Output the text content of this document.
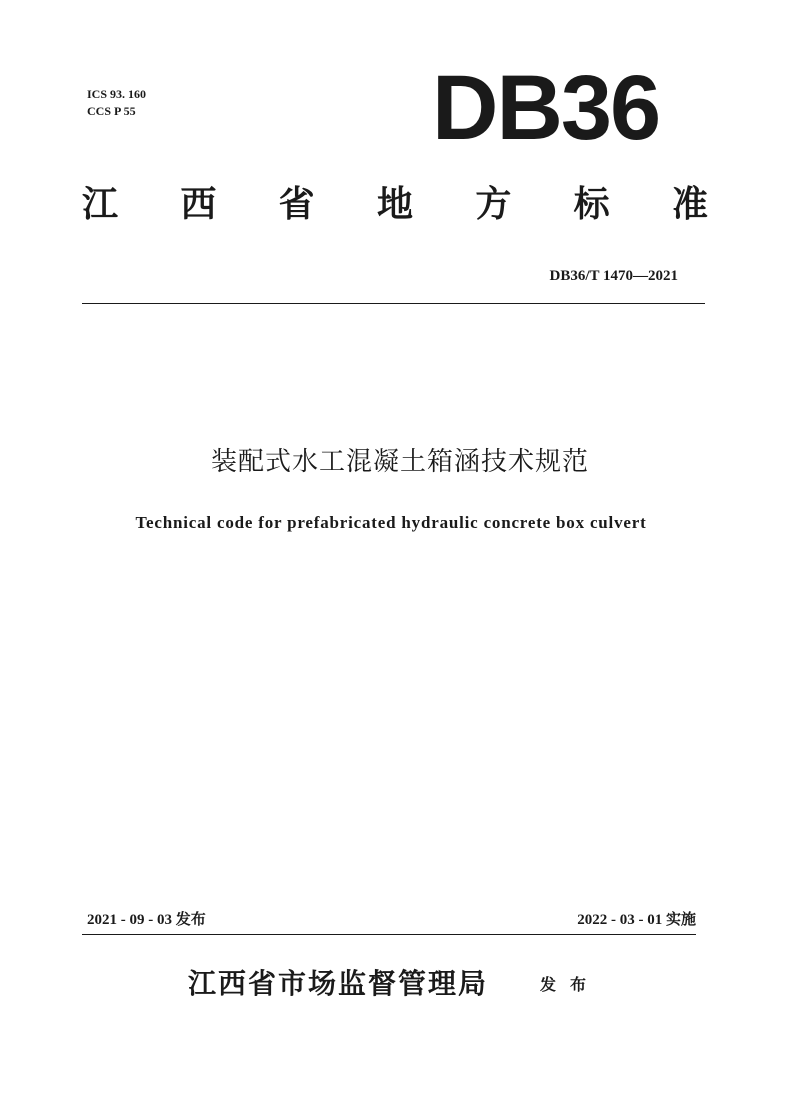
ICS 93. 160
CCS P 55	DB36
江 西 省 地 方 标 准
DB36/T 1470—2021
装配式水工混凝土箱涵技术规范
Technical code for prefabricated hydraulic concrete box culvert
2021 - 09 - 03 发布	2022 - 03 - 01 实施
江西省市场监督管理局	发布
